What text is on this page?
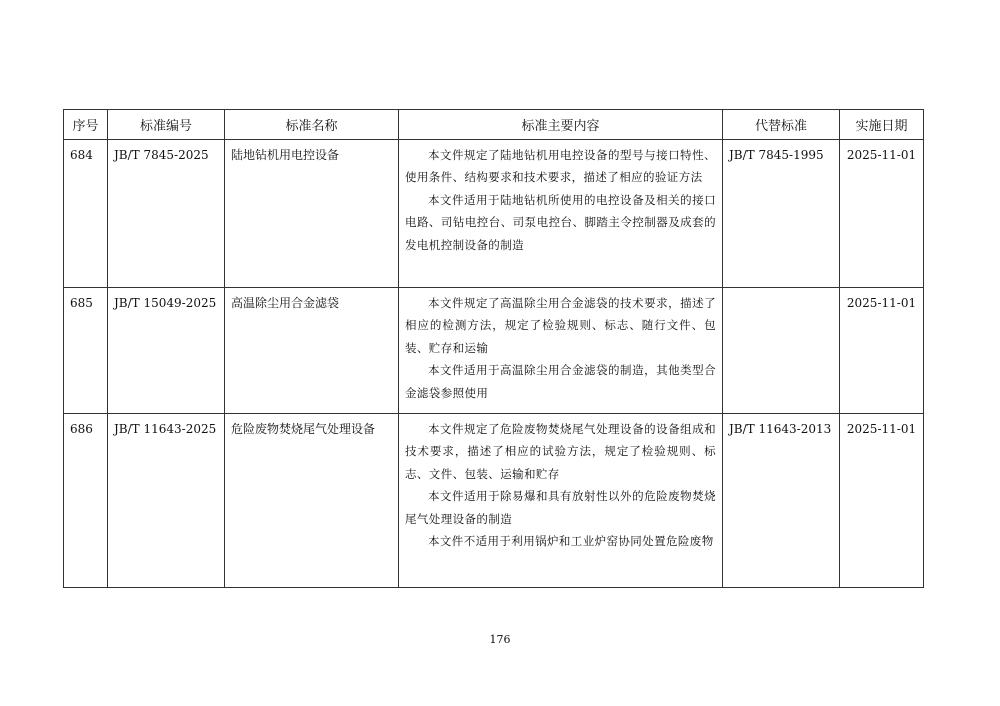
序号	标准编号	标准名称	标准主要内容	代替标准	实施日期
684	JB/T 7845-2025	陆地钻机用电控设备	本文件规定了陆地钻机用电控设备的型号与接口特性、使用条件、结构要求和技术要求，描述了相应的验证方法

本文件适用于陆地钻机所使用的电控设备及相关的接口电路、司钻电控台、司泵电控台、脚踏主令控制器及成套的发电机控制设备的制造	JB/T 7845-1995	2025-11-01
685	JB/T 15049-2025	高温除尘用合金滤袋	本文件规定了高温除尘用合金滤袋的技术要求，描述了相应的检测方法，规定了检验规则、标志、随行文件、包装、贮存和运输

本文件适用于高温除尘用合金滤袋的制造，其他类型合金滤袋参照使用		2025-11-01
686	JB/T 11643-2025	危险废物焚烧尾气处理设备	本文件规定了危险废物焚烧尾气处理设备的设备组成和技术要求，描述了相应的试验方法，规定了检验规则、标志、文件、包装、运输和贮存

本文件适用于除易爆和具有放射性以外的危险废物焚烧尾气处理设备的制造

本文件不适用于利用锅炉和工业炉窑协同处置危险废物	JB/T 11643-2013	2025-11-01
176
